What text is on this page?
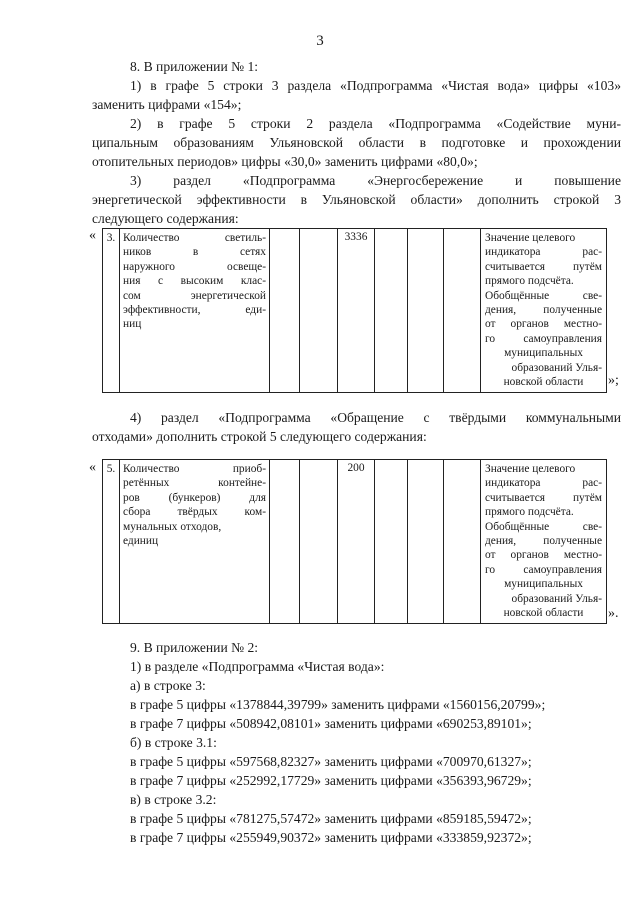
3
8. В приложении № 1:
1) в графе 5 строки 3 раздела «Подпрограмма «Чистая вода» цифры «103»
заменить цифрами «154»;
2) в графе 5 строки 2 раздела «Подпрограмма «Содействие муни-
ципальным образованиям Ульяновской области в подготовке и прохождении
отопительных периодов» цифры «30,0» заменить цифрами «80,0»;
3) раздел «Подпрограмма «Энергосбережение и повышение
энергетической эффективности в Ульяновской области» дополнить строкой 3
следующего содержания:
« 3.	Количество светиль-
ников в сетях
наружного освеще-
ния с высоким клас-
сом энергетической
эффективности, еди-
ниц
			3336				Значение целевого
индикатора рас-
считывается путём
прямого подсчёта.
Обобщённые све-
дения, полученные
от органов местно-
го самоуправления
муниципальных
образований Улья-
новской области	»;
4) раздел «Подпрограмма «Обращение с твёрдыми коммунальными
отходами» дополнить строкой 5 следующего содержания:
« 5.	Количество приоб-
ретённых контейне-
ров (бункеров) для
сбора твёрдых ком-
мунальных отходов,
единиц
			200				Значение целевого
индикатора рас-
считывается путём
прямого подсчёта.
Обобщённые све-
дения, полученные
от органов местно-
го самоуправления
муниципальных
образований Улья-
новской области	».
9. В приложении № 2:
1) в разделе «Подпрограмма «Чистая вода»:
а) в строке 3:
в графе 5 цифры «1378844,39799» заменить цифрами «1560156,20799»;
в графе 7 цифры «508942,08101» заменить цифрами «690253,89101»;
б) в строке 3.1:
в графе 5 цифры «597568,82327» заменить цифрами «700970,61327»;
в графе 7 цифры «252992,17729» заменить цифрами «356393,96729»;
в) в строке 3.2:
в графе 5 цифры «781275,57472» заменить цифрами «859185,59472»;
в графе 7 цифры «255949,90372» заменить цифрами «333859,92372»;
